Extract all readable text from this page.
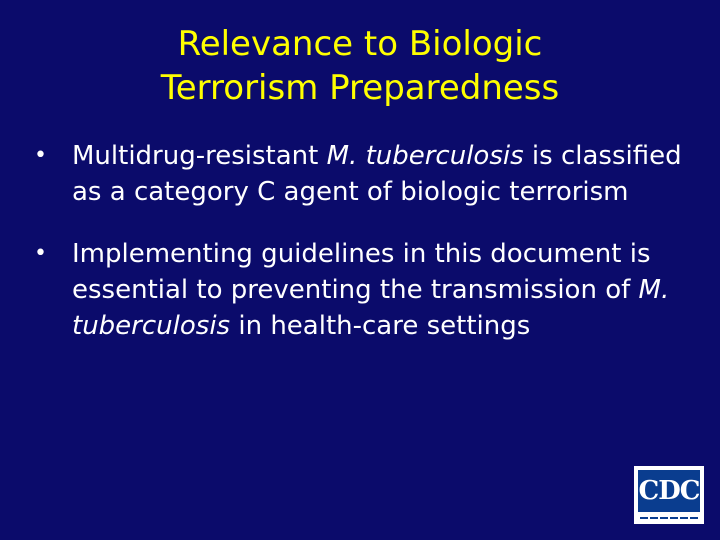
Relevance to Biologic
Terrorism Preparedness
• Multidrug-resistant M. tuberculosis is classified as a category C agent of biologic terrorism
• Implementing guidelines in this document is essential to preventing the transmission of M. tuberculosis in health-care settings
CDC
